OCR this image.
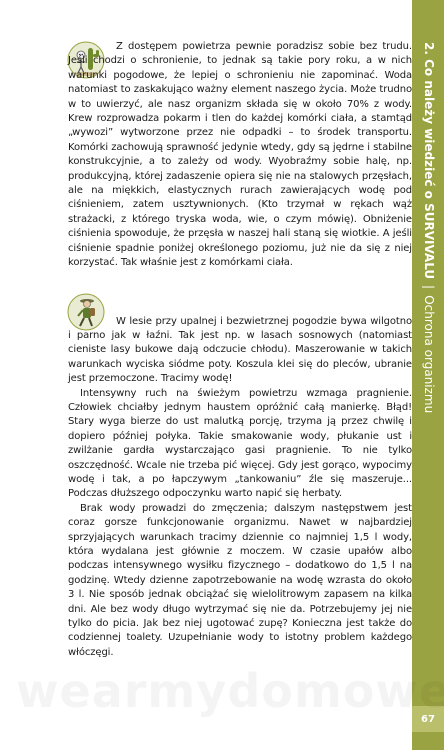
Z dostępem powietrza pewnie poradzisz sobie bez trudu. Jeśli chodzi o schronienie, to jednak są takie pory roku, a w nich warunki pogodowe, że lepiej o schronieniu nie zapominać. Woda natomiast to zaskakująco ważny element naszego życia. Może trudno w to uwierzyć, ale nasz organizm składa się w około 70% z wody. Krew rozprowadza pokarm i tlen do każdej komórki ciała, a stamtąd „wywozi” wytworzone przez nie odpadki – to środek transportu. Komórki zachowują sprawność jedynie wtedy, gdy są jędrne i stabilne konstrukcyjnie, a to zależy od wody. Wyobraźmy sobie halę, np. produkcyjną, której zadaszenie opiera się nie na stalowych przęsłach, ale na miękkich, elastycznych rurach zawierających wodę pod ciśnieniem, zatem usztywnionych. (Kto trzymał w rękach wąż strażacki, z którego tryska woda, wie, o czym mówię). Obniżenie ciśnienia spowoduje, że przęsła w naszej hali staną się wiotkie. A jeśli ciśnienie spadnie poniżej określonego poziomu, już nie da się z niej korzystać. Tak właśnie jest z komórkami ciała.

W lesie przy upalnej i bezwietrznej pogodzie bywa wilgotno i parno jak w łaźni. Tak jest np. w lasach sosnowych (natomiast cieniste lasy bukowe dają odczucie chłodu). Maszerowanie w takich warunkach wyciska siódme poty. Koszula klei się do pleców, ubranie jest przemoczone. Tracimy wodę!

Intensywny ruch na świeżym powietrzu wzmaga pragnienie. Człowiek chciałby jednym haustem opróżnić całą manierkę. Błąd! Stary wyga bierze do ust malutką porcję, trzyma ją przez chwilę i dopiero później połyka. Takie smakowanie wody, płukanie ust i zwilżanie gardła wystarczająco gasi pragnienie. To nie tylko oszczędność. Wcale nie trzeba pić więcej. Gdy jest gorąco, wypocimy wodę i tak, a po łapczywym „tankowaniu” źle się maszeruje... Podczas dłuższego odpoczynku warto napić się herbaty.

Brak wody prowadzi do zmęczenia; dalszym następstwem jest coraz gorsze funkcjonowanie organizmu. Nawet w najbardziej sprzyjających warunkach tracimy dziennie co najmniej 1,5 l wody, która wydalana jest głównie z moczem. W czasie upałów albo podczas intensywnego wysiłku fizycznego – dodatkowo do 1,5 l na godzinę. Wtedy dzienne zapotrzebowanie na wodę wzrasta do około 3 l. Nie sposób jednak obciążać się wielolitrowym zapasem na kilka dni. Ale bez wody długo wytrzymać się nie da. Potrzebujemy jej nie tylko do picia. Jak bez niej ugotować zupę? Konieczna jest także do codziennej toalety. Uzupełnianie wody to istotny problem każdego włóczęgi.

2. Co należy wiedzieć o SURVIVALU|Ochrona organizmu
67
